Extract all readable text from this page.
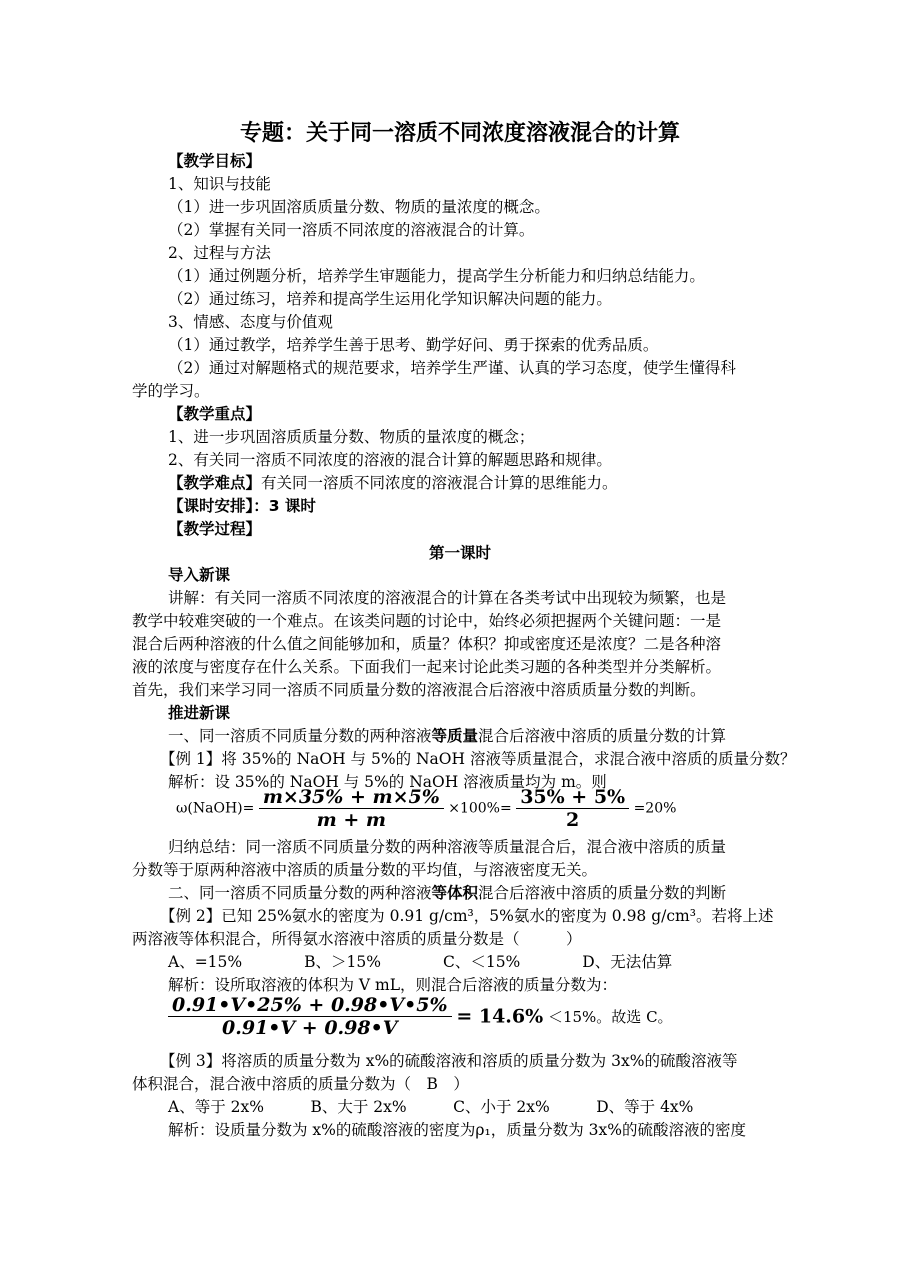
专题：关于同一溶质不同浓度溶液混合的计算
【教学目标】
1、知识与技能
（1）进一步巩固溶质质量分数、物质的量浓度的概念。
（2）掌握有关同一溶质不同浓度的溶液混合的计算。
2、过程与方法
（1）通过例题分析，培养学生审题能力，提高学生分析能力和归纳总结能力。
（2）通过练习，培养和提高学生运用化学知识解决问题的能力。
3、情感、态度与价值观
（1）通过教学，培养学生善于思考、勤学好问、勇于探索的优秀品质。
（2）通过对解题格式的规范要求，培养学生严谨、认真的学习态度，使学生懂得科
学的学习。
【教学重点】
1、进一步巩固溶质质量分数、物质的量浓度的概念；
2、有关同一溶质不同浓度的溶液的混合计算的解题思路和规律。
【教学难点】有关同一溶质不同浓度的溶液混合计算的思维能力。
【课时安排】：3 课时
【教学过程】
第一课时
导入新课
讲解：有关同一溶质不同浓度的溶液混合的计算在各类考试中出现较为频繁，也是
教学中较难突破的一个难点。在该类问题的讨论中，始终必须把握两个关键问题：一是
混合后两种溶液的什么值之间能够加和，质量？体积？抑或密度还是浓度？二是各种溶
液的浓度与密度存在什么关系。下面我们一起来讨论此类习题的各种类型并分类解析。
首先，我们来学习同一溶质不同质量分数的溶液混合后溶液中溶质质量分数的判断。
推进新课
一、同一溶质不同质量分数的两种溶液等质量混合后溶液中溶质的质量分数的计算
【例 1】将 35%的 NaOH 与 5%的 NaOH 溶液等质量混合，求混合液中溶质的质量分数？
解析：设 35%的 NaOH 与 5%的 NaOH 溶液质量均为 m。则
ω(NaOH)= $\frac{m\times 35\% + m\times 5\%}{m + m} \times 100\%= \frac{35\% + 5\%}{2} =20\%$
归纳总结：同一溶质不同质量分数的两种溶液等质量混合后，混合液中溶质的质量
分数等于原两种溶液中溶质的质量分数的平均值，与溶液密度无关。
二、同一溶质不同质量分数的两种溶液等体积混合后溶液中溶质的质量分数的判断
【例 2】已知 25%氨水的密度为 0.91 g/cm³，5%氨水的密度为 0.98 g/cm³。若将上述
两溶液等体积混合，所得氨水溶液中溶质的质量分数是（　　　）
A、=15%　　　　B、＞15%　　　　C、＜15%　　　　D、无法估算
解析：设所取溶液的体积为 V mL，则混合后溶液的质量分数为：
$\frac{0.91•V•25\% + 0.98•V•5\%}{0.91•V + 0.98•V} = 14.6\% <15\%$。故选 C。
【例 3】将溶质的质量分数为 x%的硫酸溶液和溶质的质量分数为 3x%的硫酸溶液等
体积混合，混合液中溶质的质量分数为（　B　）
A、等于 2x%　　　B、大于 2x%　　　C、小于 2x%　　　D、等于 4x%
解析：设质量分数为 x%的硫酸溶液的密度为ρ₁，质量分数为 3x%的硫酸溶液的密度
